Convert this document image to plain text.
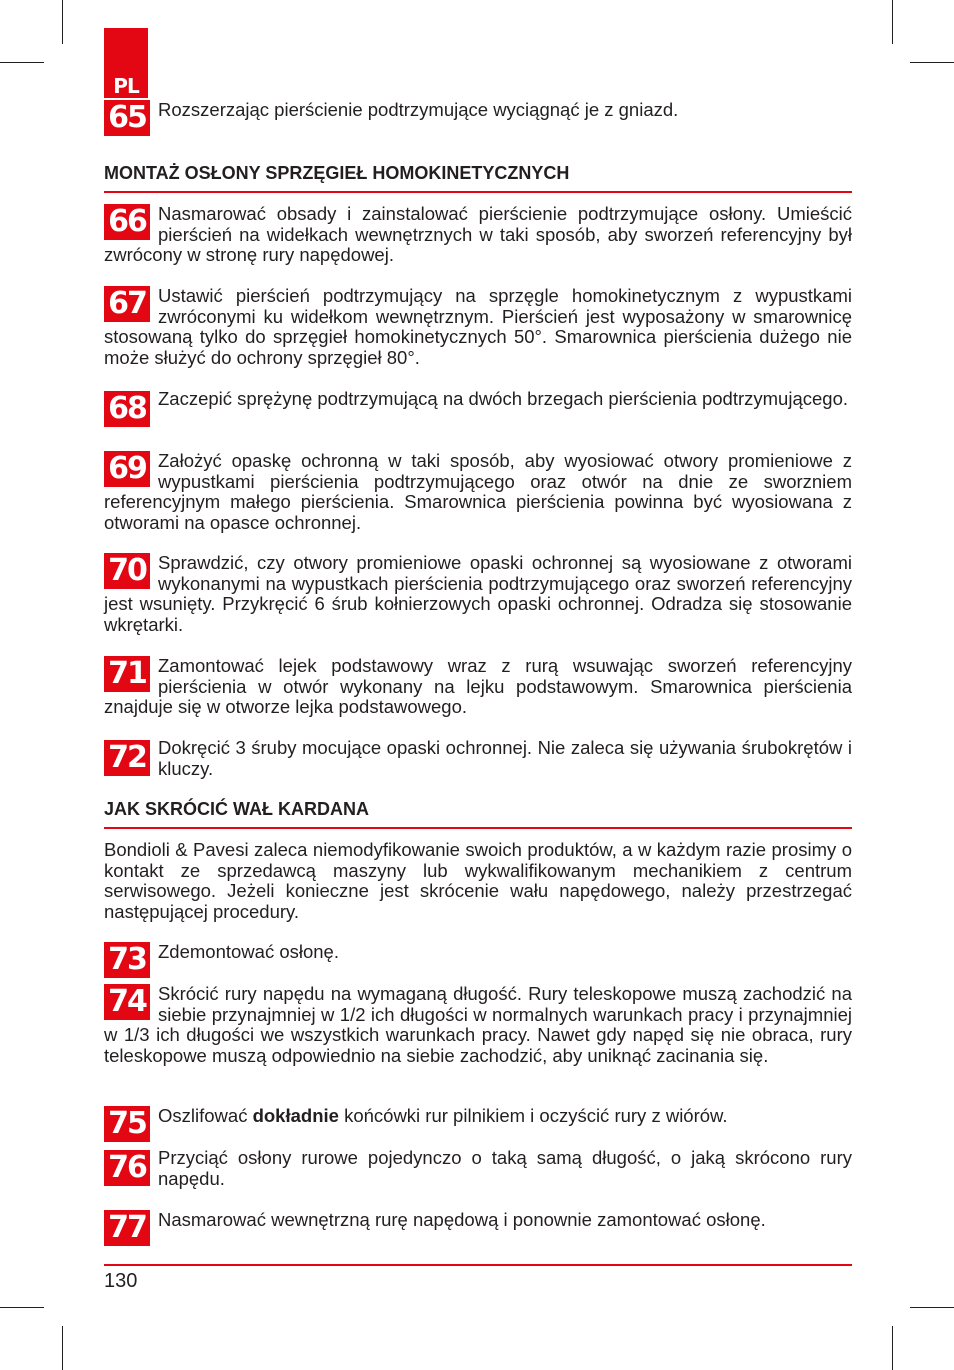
PL
65 Rozszerzając pierścienie podtrzymujące wyciągnąć je z gniazd.

MONTAŻ OSŁONY SPRZĘGIEŁ HOMOKINETYCZNYCH
66 Nasmarować obsady i zainstalować pierścienie podtrzymujące osłony. Umieścić pierścień na widełkach wewnętrznych w taki sposób, aby sworzeń referencyjny był zwrócony w stronę rury napędowej.

67 Ustawić pierścień podtrzymujący na sprzęgle homokinetycznym z wypustkami zwróconymi ku widełkom wewnętrznym. Pierścień jest wyposażony w smarownicę stosowaną tylko do sprzęgieł homokinetycznych 50°. Smarownica pierścienia dużego nie może służyć do ochrony sprzęgieł 80°.

68 Zaczepić sprężynę podtrzymującą na dwóch brzegach pierścienia podtrzymującego.

69 Założyć opaskę ochronną w taki sposób, aby wyosiować otwory promieniowe z wypustkami pierścienia podtrzymującego oraz otwór na dnie ze sworzniem referencyjnym małego pierścienia. Smarownica pierścienia powinna być wyosiowana z otworami na opasce ochronnej.

70 Sprawdzić, czy otwory promieniowe opaski ochronnej są wyosiowane z otworami wykonanymi na wypustkach pierścienia podtrzymującego oraz sworzeń referencyjny jest wsunięty. Przykręcić 6 śrub kołnierzowych opaski ochronnej. Odradza się stosowanie wkrętarki.

71 Zamontować lejek podstawowy wraz z rurą wsuwając sworzeń referencyjny pierścienia w otwór wykonany na lejku podstawowym. Smarownica pierścienia znajduje się w otworze lejka podstawowego.

72 Dokręcić 3 śruby mocujące opaski ochronnej. Nie zaleca się używania śrubokrętów i kluczy.

JAK SKRÓCIĆ WAŁ KARDANA

Bondioli & Pavesi zaleca niemodyfikowanie swoich produktów, a w każdym razie prosimy o kontakt ze sprzedawcą maszyny lub wykwalifikowanym mechanikiem z centrum serwisowego. Jeżeli konieczne jest skrócenie wału napędowego, należy przestrzegać następującej procedury.

73 Zdemontować osłonę.

74 Skrócić rury napędu na wymaganą długość. Rury teleskopowe muszą zachodzić na siebie przynajmniej w 1/2 ich długości w normalnych warunkach pracy i przynajmniej w 1/3 ich długości we wszystkich warunkach pracy. Nawet gdy napęd się nie obraca, rury teleskopowe muszą odpowiednio na siebie zachodzić, aby uniknąć zacinania się.

75 Oszlifować dokładnie końcówki rur pilnikiem i oczyścić rury z wiórów.

76 Przyciąć osłony rurowe pojedynczo o taką samą długość, o jaką skrócono rury napędu.

77 Nasmarować wewnętrzną rurę napędową i ponownie zamontować osłonę.

130
